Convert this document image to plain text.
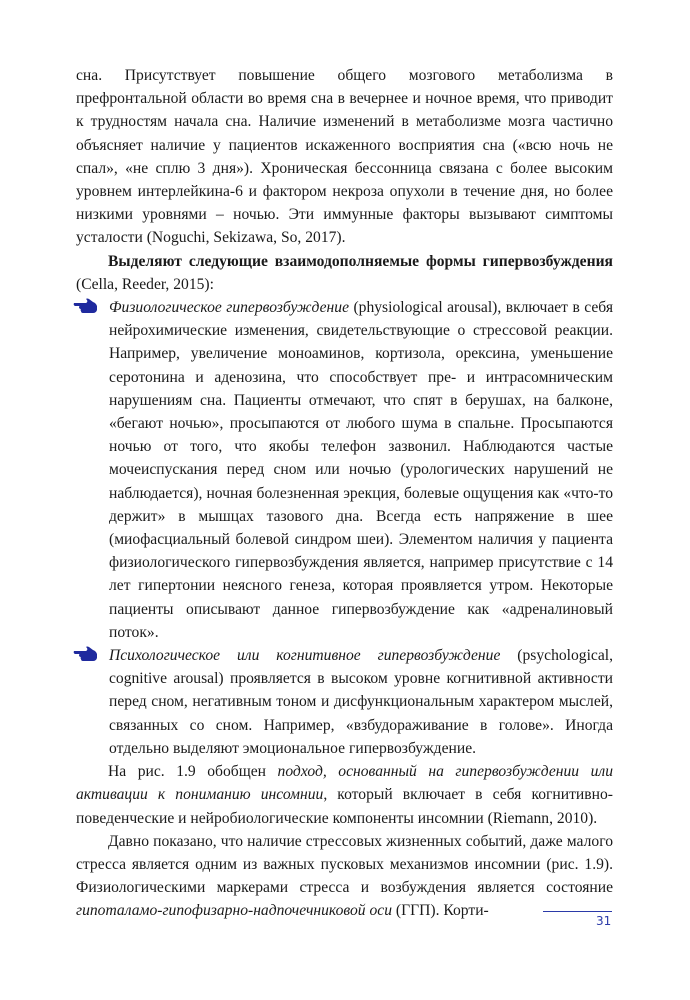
сна. Присутствует повышение общего мозгового метаболизма в префронтальной области во время сна в вечернее и ночное время, что приводит к трудностям начала сна. Наличие изменений в метаболизме мозга частично объясняет наличие у пациентов искаженного восприятия сна («всю ночь не спал», «не сплю 3 дня»). Хроническая бессонница связана с более высоким уровнем интерлейкина-6 и фактором некроза опухоли в течение дня, но более низкими уровнями – ночью. Эти иммунные факторы вызывают симптомы усталости (Noguchi, Sekizawa, So, 2017).

Выделяют следующие взаимодополняемые формы гипервозбуждения (Cella, Reeder, 2015):

Физиологическое гипервозбуждение (physiological arousal), включает в себя нейрохимические изменения, свидетельствующие о стрессовой реакции. Например, увеличение моноаминов, кортизола, орексина, уменьшение серотонина и аденозина, что способствует пре- и интрасомническим нарушениям сна. Пациенты отмечают, что спят в берушах, на балконе, «бегают ночью», просыпаются от любого шума в спальне. Просыпаются ночью от того, что якобы телефон зазвонил. Наблюдаются частые мочеиспускания перед сном или ночью (урологических нарушений не наблюдается), ночная болезненная эрекция, болевые ощущения как «что-то держит» в мышцах тазового дна. Всегда есть напряжение в шее (миофасциальный болевой синдром шеи). Элементом наличия у пациента физиологического гипервозбуждения является, например присутствие с 14 лет гипертонии неясного генеза, которая проявляется утром. Некоторые пациенты описывают данное гипервозбуждение как «адреналиновый поток».

Психологическое или когнитивное гипервозбуждение (psychological, cognitive arousal) проявляется в высоком уровне когнитивной активности перед сном, негативным тоном и дисфункциональным характером мыслей, связанных со сном. Например, «взбудораживание в голове». Иногда отдельно выделяют эмоциональное гипервозбуждение.

На рис. 1.9 обобщен подход, основанный на гипервозбуждении или активации к пониманию инсомнии, который включает в себя когнитивно-поведенческие и нейробиологические компоненты инсомнии (Riemann, 2010).

Давно показано, что наличие стрессовых жизненных событий, даже малого стресса является одним из важных пусковых механизмов инсомнии (рис. 1.9). Физиологическими маркерами стресса и возбуждения является состояние гипоталамо-гипофизарно-надпочечниковой оси (ГГП). Корти-

31
